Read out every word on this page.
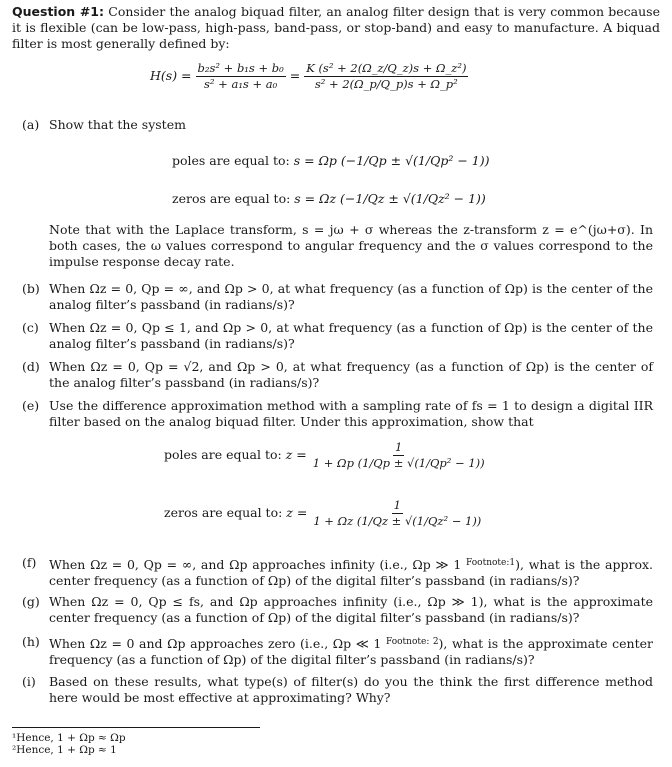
Question #1: Consider the analog biquad filter, an analog filter design that is very common because it is flexible (can be low-pass, high-pass, band-pass, or stop-band) and easy to manufacture. A biquad filter is most generally defined by:
$H(s) = \frac{\text{b₂s² + b₁s + b₀}}{\text{s² + a₁s + a₀}} = \frac{\text{K (s² + 2(Ω\_z/Q\_z)s + Ω\_z²)}}{\text{s² + 2(Ω\_p/Q\_p)s + Ω\_p²}}$
(a) Show that the system
poles are equal to: s = Ωp (−1/Qp ± √(1/Qp² − 1))
zeros are equal to: s = Ωz (−1/Qz ± √(1/Qz² − 1))
Note that with the Laplace transform, s = jω + σ whereas the z-transform z = e^(jω+σ). In both cases, the ω values correspond to angular frequency and the σ values correspond to the impulse response decay rate.
(b) When Ωz = 0, Qp = ∞, and Ωp > 0, at what frequency (as a function of Ωp) is the center of the analog filter’s passband (in radians/s)?
(c) When Ωz = 0, Qp ≤ 1, and Ωp > 0, at what frequency (as a function of Ωp) is the center of the analog filter’s passband (in radians/s)?
(d) When Ωz = 0, Qp = √2, and Ωp > 0, at what frequency (as a function of Ωp) is the center of the analog filter’s passband (in radians/s)?
(e) Use the difference approximation method with a sampling rate of fs = 1 to design a digital IIR filter based on the analog biquad filter. Under this approximation, show that
poles are equal to: $z = \frac{1}{\text{1 + Ωp (1/Qp ± √(1/Qp² − 1))}}$
zeros are equal to: $z = \frac{1}{\text{1 + Ωz (1/Qz ± √(1/Qz² − 1))}}$
(f) When Ωz = 0, Qp = ∞, and Ωp approaches infinity (i.e., Ωp ≫ 1 $^{Footnote:1}$), what is the approx. center frequency (as a function of Ωp) of the digital filter’s passband (in radians/s)?
(g) When Ωz = 0, Qp ≤ fs, and Ωp approaches infinity (i.e., Ωp ≫ 1), what is the approximate center frequency (as a function of Ωp) of the digital filter’s passband (in radians/s)?
(h) When Ωz = 0 and Ωp approaches zero (i.e., Ωp ≪ 1 $^{Footnote: 2}$), what is the approximate center frequency (as a function of Ωp) of the digital filter’s passband (in radians/s)?
(i) Based on these results, what type(s) of filter(s) do you the think the first difference method here would be most effective at approximating? Why?
¹Hence, 1 + Ωp ≈ Ωp
²Hence, 1 + Ωp ≈ 1
